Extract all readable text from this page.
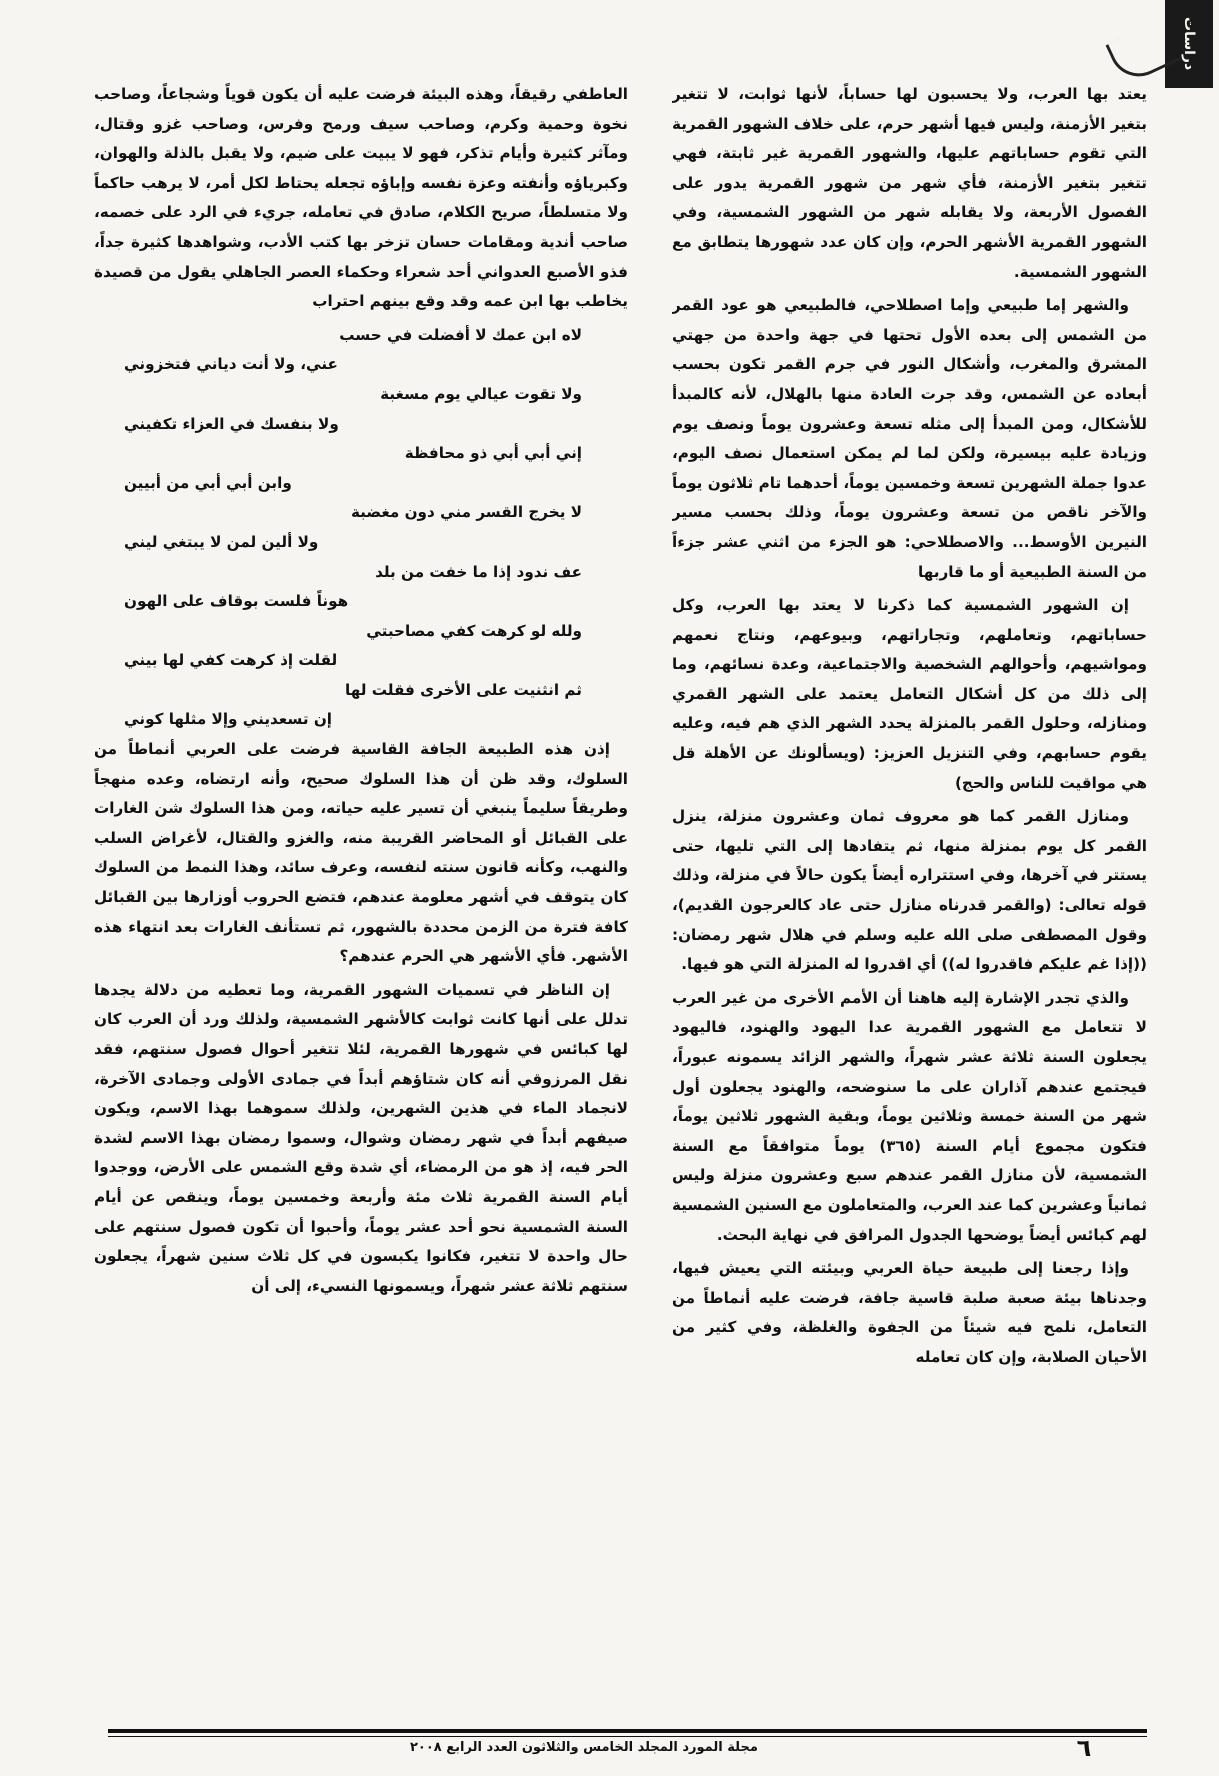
دراسات

يعتد بها العرب، ولا يحسبون لها حساباً، لأنها ثوابت، لا تتغير بتغير الأزمنة، وليس فيها أشهر حرم، على خلاف الشهور القمرية التي تقوم حساباتهم عليها، والشهور القمرية غير ثابتة، فهي تتغير بتغير الأزمنة، فأي شهر من شهور القمرية يدور على الفصول الأربعة، ولا يقابله شهر من الشهور الشمسية، وفي الشهور القمرية الأشهر الحرم، وإن كان عدد شهورها يتطابق مع الشهور الشمسية.

والشهر إما طبيعي وإما اصطلاحي، فالطبيعي هو عود القمر من الشمس إلى بعده الأول تحتها في جهة واحدة من جهتي المشرق والمغرب، وأشكال النور في جرم القمر تكون بحسب أبعاده عن الشمس، وقد جرت العادة منها بالهلال، لأنه كالمبدأ للأشكال، ومن المبدأ إلى مثله تسعة وعشرون يوماً ونصف يوم وزيادة عليه بيسيرة، ولكن لما لم يمكن استعمال نصف اليوم، عدوا جملة الشهرين تسعة وخمسين يوماً، أحدهما تام ثلاثون يوماً والآخر ناقص من تسعة وعشرون يوماً، وذلك بحسب مسير النيرين الأوسط... والاصطلاحي: هو الجزء من اثني عشر جزءاً من السنة الطبيعية أو ما قاربها

إن الشهور الشمسية كما ذكرنا لا يعتد بها العرب، وكل حساباتهم، وتعاملهم، وتجاراتهم، وبيوعهم، ونتاج نعمهم ومواشيهم، وأحوالهم الشخصية والاجتماعية، وعدة نسائهم، وما إلى ذلك من كل أشكال التعامل يعتمد على الشهر القمري ومنازله، وحلول القمر بالمنزلة يحدد الشهر الذي هم فيه، وعليه يقوم حسابهم، وفي التنزيل العزيز: (ويسألونك عن الأهلة قل هي مواقيت للناس والحج)

ومنازل القمر كما هو معروف ثمان وعشرون منزلة، ينزل القمر كل يوم بمنزلة منها، ثم يتفادها إلى التي تليها، حتى يستتر في آخرها، وفي استتراره أيضاً يكون حالاً في منزلة، وذلك قوله تعالى: (والقمر قدرناه منازل حتى عاد كالعرجون القديم)، وقول المصطفى صلى الله عليه وسلم في هلال شهر رمضان: ((إذا غم عليكم فاقدروا له)) أي اقدروا له المنزلة التي هو فيها.

والذي تجدر الإشارة إليه هاهنا أن الأمم الأخرى من غير العرب لا تتعامل مع الشهور القمرية عدا اليهود والهنود، فاليهود يجعلون السنة ثلاثة عشر شهراً، والشهر الزائد يسمونه عبوراً، فيجتمع عندهم آذاران على ما سنوضحه، والهنود يجعلون أول شهر من السنة خمسة وثلاثين يوماً، وبقية الشهور ثلاثين يوماً، فتكون مجموع أيام السنة (٣٦٥) يوماً متوافقاً مع السنة الشمسية، لأن منازل القمر عندهم سبع وعشرون منزلة وليس ثمانياً وعشرين كما عند العرب، والمتعاملون مع السنين الشمسية لهم كبائس أيضاً يوضحها الجدول المرافق في نهاية البحث.

وإذا رجعنا إلى طبيعة حياة العربي وبيئته التي يعيش فيها، وجدناها بيئة صعبة صلبة قاسية جافة، فرضت عليه أنماطاً من التعامل، نلمح فيه شيئاً من الجفوة والغلظة، وفي كثير من الأحيان الصلابة، وإن كان تعامله

العاطفي رقيقاً، وهذه البيئة فرضت عليه أن يكون قوياً وشجاعاً، وصاحب نخوة وحمية وكرم، وصاحب سيف ورمح وفرس، وصاحب غزو وقتال، ومآثر كثيرة وأيام تذكر، فهو لا يبيت على ضيم، ولا يقبل بالذلة والهوان، وكبرياؤه وأنفته وعزة نفسه وإباؤه تجعله يحتاط لكل أمر، لا يرهب حاكماً ولا متسلطاً، صريح الكلام، صادق في تعامله، جريء في الرد على خصمه، صاحب أندية ومقامات حسان تزخر بها كتب الأدب، وشواهدها كثيرة جداً، فذو الأصبع العدواني أحد شعراء وحكماء العصر الجاهلي يقول من قصيدة يخاطب بها ابن عمه وقد وقع بينهم احتراب

لاه ابن عمك لا أفضلت في حسب
عني، ولا أنت دياني فتخزوني
ولا تقوت عيالي يوم مسغبة
ولا بنفسك في العزاء تكفيني
إني أبي أبي ذو محافظة
وابن أبي أبي من أبيين
لا يخرج القسر مني دون مغضبة
ولا ألين لمن لا يبتغي ليني
عف ندود إذا ما خفت من بلد
هوناً فلست بوقاف على الهون
ولله لو كرهت كفي مصاحبتي
لقلت إذ كرهت كفي لها بيني
ثم انثنيت على الأخرى فقلت لها
إن تسعديني وإلا مثلها كوني

إذن هذه الطبيعة الجافة القاسية فرضت على العربي أنماطاً من السلوك، وقد ظن أن هذا السلوك صحيح، وأنه ارتضاه، وعده منهجاً وطريقاً سليماً ينبغي أن تسير عليه حياته، ومن هذا السلوك شن الغارات على القبائل أو المحاضر القريبة منه، والغزو والقتال، لأغراض السلب والنهب، وكأنه قانون سنته لنفسه، وعرف سائد، وهذا النمط من السلوك كان يتوقف في أشهر معلومة عندهم، فتضع الحروب أوزارها بين القبائل كافة فترة من الزمن محددة بالشهور، ثم تستأنف الغارات بعد انتهاء هذه الأشهر. فأي الأشهر هي الحرم عندهم؟

إن الناظر في تسميات الشهور القمرية، وما تعطيه من دلالة يجدها تدلل على أنها كانت ثوابت كالأشهر الشمسية، ولذلك ورد أن العرب كان لها كبائس في شهورها القمرية، لئلا تتغير أحوال فصول سنتهم، فقد نقل المرزوقي أنه كان شتاؤهم أبداً في جمادى الأولى وجمادى الآخرة، لانجماد الماء في هذين الشهرين، ولذلك سموهما بهذا الاسم، ويكون صيفهم أبداً في شهر رمضان وشوال، وسموا رمضان بهذا الاسم لشدة الحر فيه، إذ هو من الرمضاء، أي شدة وقع الشمس على الأرض، ووجدوا أيام السنة القمرية ثلاث مئة وأربعة وخمسين يوماً، وينقص عن أيام السنة الشمسية نحو أحد عشر يوماً، وأحبوا أن تكون فصول سنتهم على حال واحدة لا تتغير، فكانوا يكبسون في كل ثلاث سنين شهراً، يجعلون سنتهم ثلاثة عشر شهراً، ويسمونها النسيء، إلى أن

مجلة المورد المجلد الخامس والثلاثون العدد الرابع ٢٠٠٨	٦
